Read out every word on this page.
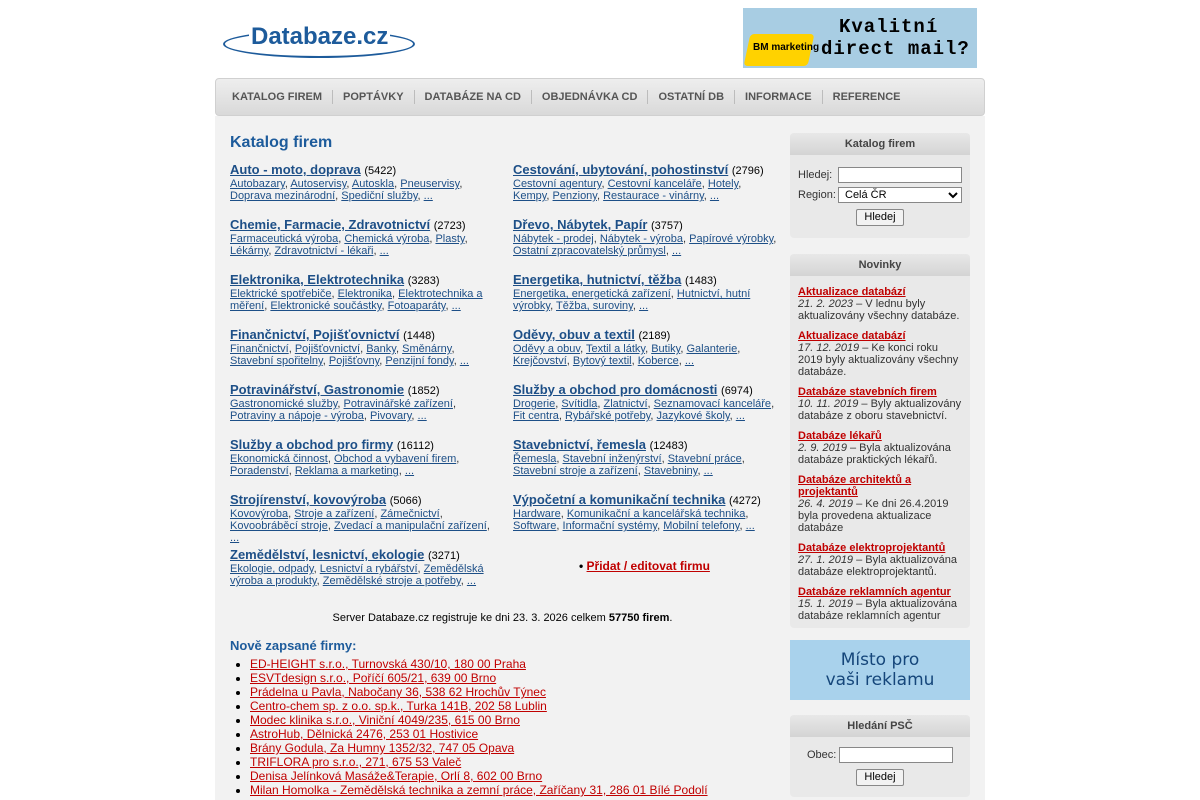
Databaze.cz	BM marketing
Kvalitní
direct mail?
KATALOG FIREM	POPTÁVKY	DATABÁZE NA CD	OBJEDNÁVKA CD	OSTATNÍ DB	INFORMACE	REFERENCE
Katalog firem
Auto - moto, doprava (5422)
Autobazary, Autoservisy, Autoskla, Pneuservisy, Doprava mezinárodní, Spediční služby, ...
Cestování, ubytování, pohostinství (2796)
Cestovní agentury, Cestovní kanceláře, Hotely, Kempy, Penziony, Restaurace - vinárny, ...
Chemie, Farmacie, Zdravotnictví (2723)
Farmaceutická výroba, Chemická výroba, Plasty, Lékárny, Zdravotnictví - lékaři, ...
Dřevo, Nábytek, Papír (3757)
Nábytek - prodej, Nábytek - výroba, Papírové výrobky, Ostatní zpracovatelský průmysl, ...
Elektronika, Elektrotechnika (3283)
Elektrické spotřebiče, Elektronika, Elektrotechnika a měření, Elektronické součástky, Fotoaparáty, ...
Energetika, hutnictví, těžba (1483)
Energetika, energetická zařízení, Hutnictví, hutní výrobky, Těžba, suroviny, ...
Finančnictví, Pojišťovnictví (1448)
Finančnictví, Pojišťovnictví, Banky, Směnárny, Stavební spořitelny, Pojišťovny, Penzijní fondy, ...
Oděvy, obuv a textil (2189)
Oděvy a obuv, Textil a látky, Butiky, Galanterie, Krejčovství, Bytový textil, Koberce, ...
Potravinářství, Gastronomie (1852)
Gastronomické služby, Potravinářské zařízení, Potraviny a nápoje - výroba, Pivovary, ...
Služby a obchod pro domácnosti (6974)
Drogerie, Svítidla, Zlatnictví, Seznamovací kanceláře, Fit centra, Rybářské potřeby, Jazykové školy, ...
Služby a obchod pro firmy (16112)
Ekonomická činnost, Obchod a vybavení firem, Poradenství, Reklama a marketing, ...
Stavebnictví, řemesla (12483)
Řemesla, Stavební inženýrství, Stavební práce, Stavební stroje a zařízení, Stavebniny, ...
Strojírenství, kovovýroba (5066)
Kovovýroba, Stroje a zařízení, Zámečnictví, Kovoobráběcí stroje, Zvedací a manipulační zařízení, ...
Výpočetní a komunikační technika (4272)
Hardware, Komunikační a kancelářská technika, Software, Informační systémy, Mobilní telefony, ...
Zemědělství, lesnictví, ekologie (3271)
Ekologie, odpady, Lesnictví a rybářství, Zemědělská výroba a produkty, Zemědělské stroje a potřeby, ...
• Přidat / editovat firmu
Server Databaze.cz registruje ke dni 23. 3. 2026 celkem 57750 firem.
Nově zapsané firmy:
• ED-HEIGHT s.r.o., Turnovská 430/10, 180 00 Praha
• ESVTdesign s.r.o., Poříčí 605/21, 639 00 Brno
• Prádelna u Pavla, Nabočany 36, 538 62 Hrochův Týnec
• Centro-chem sp. z o.o. sp.k., Turka 141B, 202 58 Lublin
• Modec klinika s.r.o., Viniční 4049/235, 615 00 Brno
• AstroHub, Dělnická 2476, 253 01 Hostivice
• Brány Godula, Za Humny 1352/32, 747 05 Opava
• TRIFLORA pro s.r.o., 271, 675 53 Valeč
• Denisa Jelínková Masáže&Terapie, Orlí 8, 602 00 Brno
• Milan Homolka - Zemědělská technika a zemní práce, Zaříčany 31, 286 01 Bílé Podolí
Katalog firem
Hledej:
Region:
Celá ČR
Hledej
Novinky
Aktualizace databází
21. 2. 2023 – V lednu byly aktualizovány všechny databáze.
Aktualizace databází
17. 12. 2019 – Ke konci roku 2019 byly aktualizovány všechny databáze.
Databáze stavebních firem
10. 11. 2019 – Byly aktualizovány databáze z oboru stavebnictví.
Databáze lékařů
2. 9. 2019 – Byla aktualizována databáze praktických lékařů.
Databáze architektů a projektantů
26. 4. 2019 – Ke dni 26.4.2019 byla provedena aktualizace databáze
Databáze elektroprojektantů
27. 1. 2019 – Byla aktualizována databáze elektroprojektantů.
Databáze reklamních agentur
15. 1. 2019 – Byla aktualizována databáze reklamních agentur
Místo pro
vaši reklamu
Hledání PSČ
Obec:
Hledej
